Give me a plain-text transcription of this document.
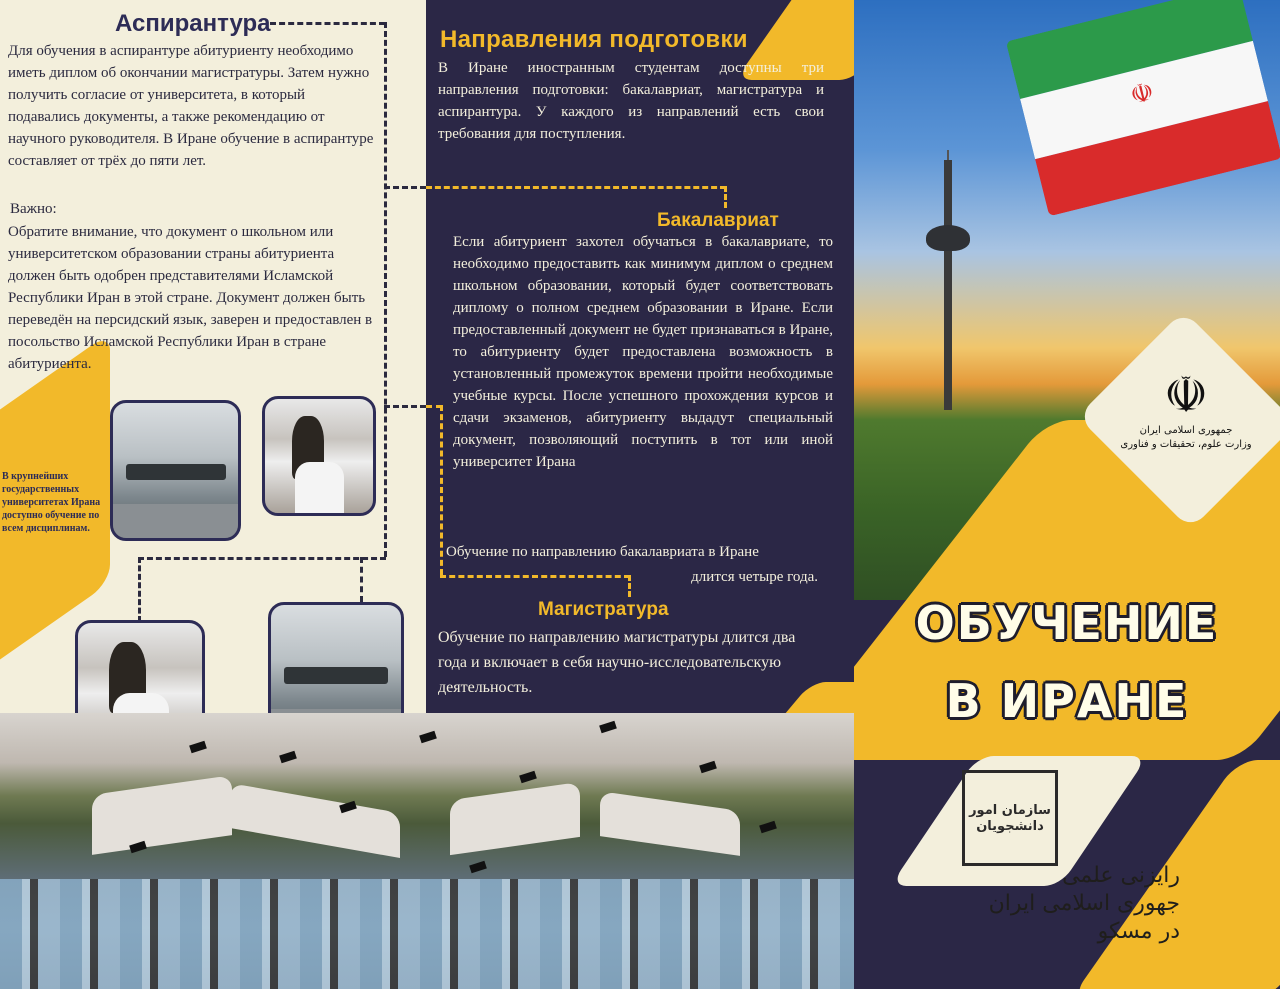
Аспирантура
Для обучения в аспирантуре абитуриенту необходимо иметь диплом об окончании магистратуры. Затем нужно получить согласие от университета, в который подавались документы, а также рекомендацию от научного руководителя. В Иране обучение в аспирантуре составляет от трёх до пяти лет.
Важно:
Обратите внимание, что документ о школьном или университетском образовании страны абитуриента должен быть одобрен представителями Исламской Республики Иран в этой стране. Документ должен быть переведён на персидский язык, заверен и предоставлен в посольство Исламской Республики Иран в стране абитуриента.
В крупнейших государственных университетах Ирана доступно обучение по всем дисциплинам.
Направления подготовки
В Иране иностранным студентам доступны три направления подготовки: бакалавриат, магистратура и аспирантура. У каждого из направлений есть свои требования для поступления.
Бакалавриат
Если абитуриент захотел обучаться в бакалавриате, то необходимо предоставить как минимум диплом о среднем школьном образовании, который будет соответствовать диплому о полном среднем образовании в Иране. Если предоставленный документ не будет признаваться в Иране, то абитуриенту будет предоставлена возможность в установленный промежуток времени пройти необходимые учебные курсы. После успешного прохождения курсов и сдачи экзаменов, абитуриенту выдадут специальный документ, позволяющий поступить в тот или иной университет Ирана
Обучение по направлению бакалавриата в Иране
длится четыре года.
Магистратура
Обучение по направлению магистратуры длится два года и включает в себя научно-исследовательскую деятельность.
☫
☫
جمهوری اسلامی ایران
وزارت علوم، تحقیقات و فناوری
ОБУЧЕНИЕ
В ИРАНЕ
سازمان امور دانشجویان
رایزنی علمی
جهوری اسلامی ایران
در مسکو
